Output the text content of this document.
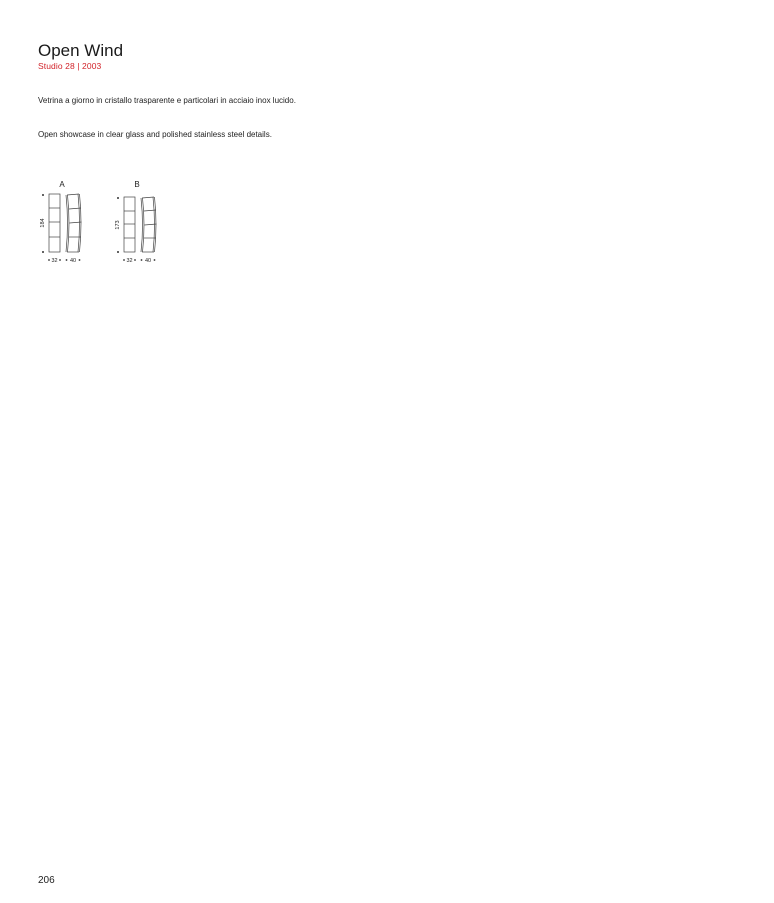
Open Wind
Studio 28 | 2003
Vetrina a giorno in cristallo trasparente e particolari in acciaio inox lucido.
Open showcase in clear glass and polished stainless steel details.
A
184
32 40
B
173
32 40
206
